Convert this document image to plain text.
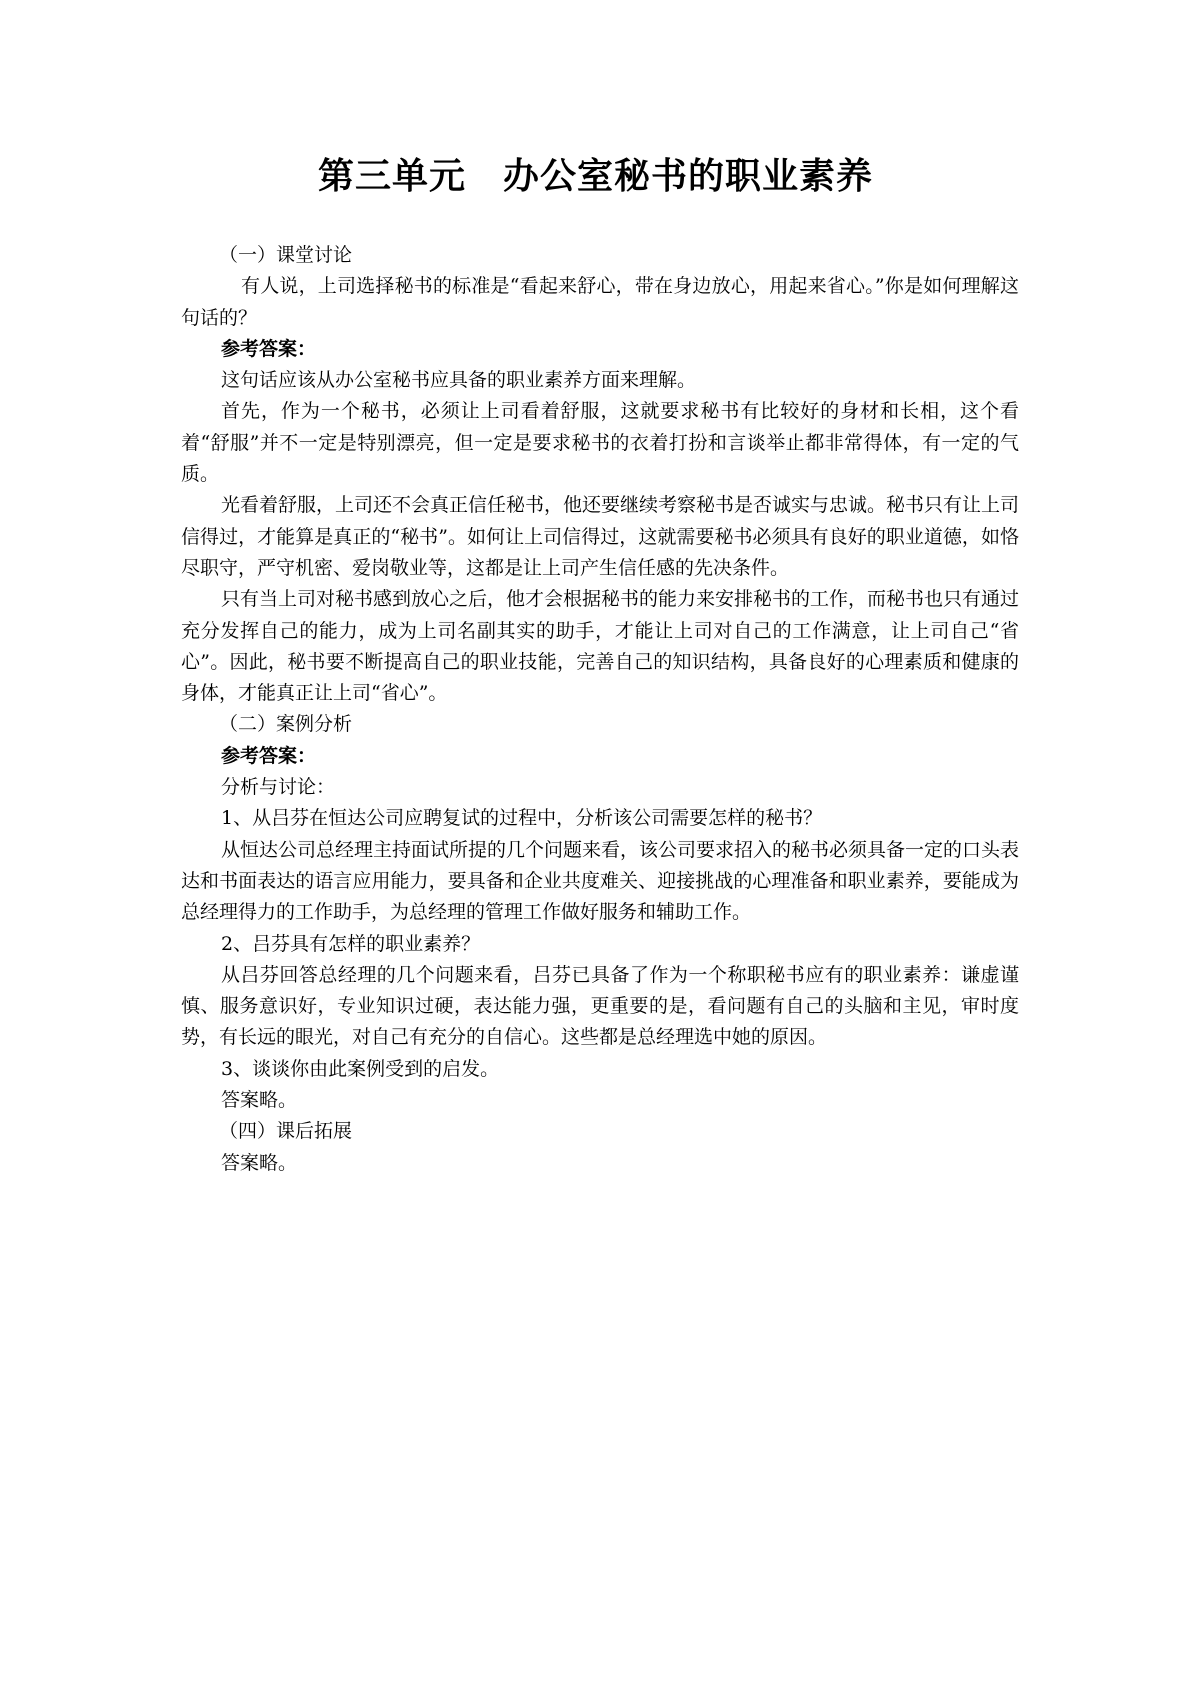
第三单元　办公室秘书的职业素养

（一）课堂讨论

有人说，上司选择秘书的标准是“看起来舒心，带在身边放心，用起来省心。”你是如何理解这句话的？

参考答案：

这句话应该从办公室秘书应具备的职业素养方面来理解。

首先，作为一个秘书，必须让上司看着舒服，这就要求秘书有比较好的身材和长相，这个看着“舒服”并不一定是特别漂亮，但一定是要求秘书的衣着打扮和言谈举止都非常得体，有一定的气质。

光看着舒服，上司还不会真正信任秘书，他还要继续考察秘书是否诚实与忠诚。秘书只有让上司信得过，才能算是真正的“秘书”。如何让上司信得过，这就需要秘书必须具有良好的职业道德，如恪尽职守，严守机密、爱岗敬业等，这都是让上司产生信任感的先决条件。

只有当上司对秘书感到放心之后，他才会根据秘书的能力来安排秘书的工作，而秘书也只有通过充分发挥自己的能力，成为上司名副其实的助手，才能让上司对自己的工作满意，让上司自己“省心”。因此，秘书要不断提高自己的职业技能，完善自己的知识结构，具备良好的心理素质和健康的身体，才能真正让上司“省心”。

（二）案例分析

参考答案：

分析与讨论：

1、从吕芬在恒达公司应聘复试的过程中，分析该公司需要怎样的秘书？

从恒达公司总经理主持面试所提的几个问题来看，该公司要求招入的秘书必须具备一定的口头表达和书面表达的语言应用能力，要具备和企业共度难关、迎接挑战的心理准备和职业素养，要能成为总经理得力的工作助手，为总经理的管理工作做好服务和辅助工作。

2、吕芬具有怎样的职业素养？

从吕芬回答总经理的几个问题来看，吕芬已具备了作为一个称职秘书应有的职业素养：谦虚谨慎、服务意识好，专业知识过硬，表达能力强，更重要的是，看问题有自己的头脑和主见，审时度势，有长远的眼光，对自己有充分的自信心。这些都是总经理选中她的原因。

3、谈谈你由此案例受到的启发。

答案略。

（四）课后拓展

答案略。
